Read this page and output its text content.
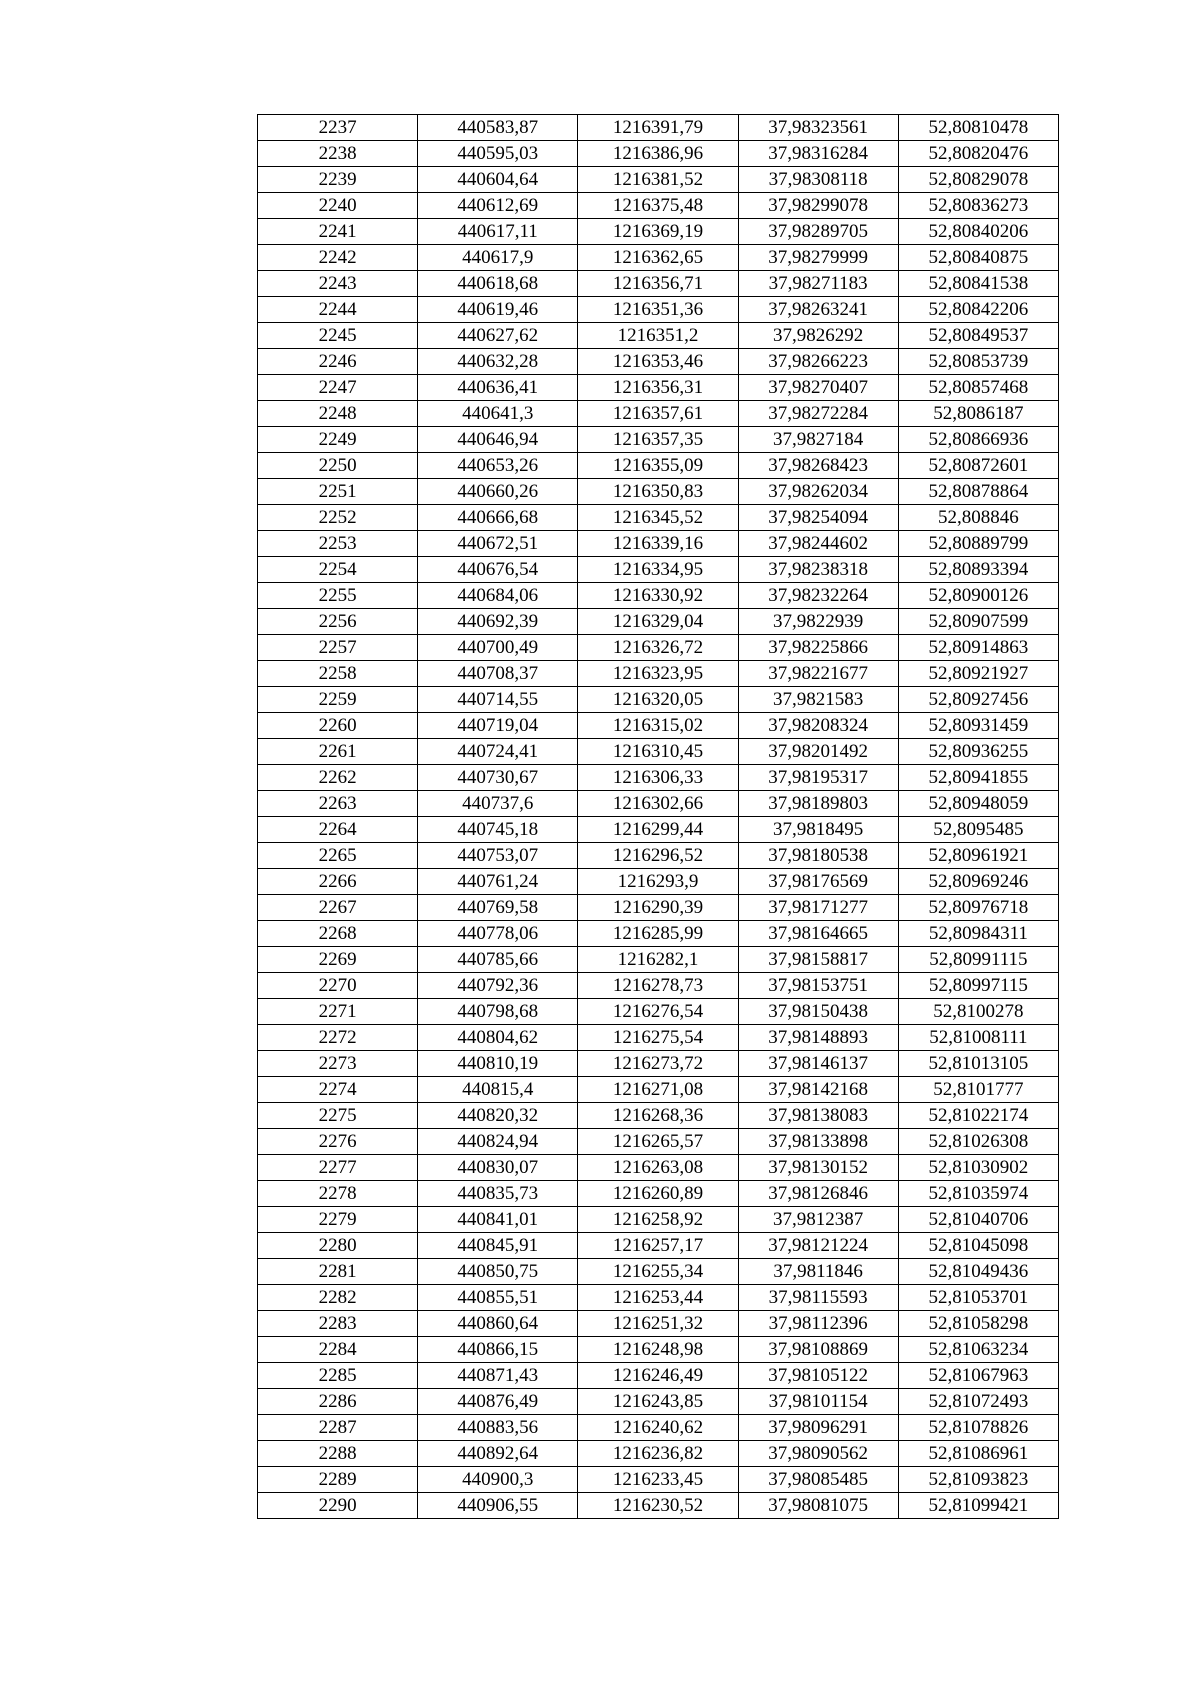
2237	440583,87	1216391,79	37,98323561	52,80810478
2238	440595,03	1216386,96	37,98316284	52,80820476
2239	440604,64	1216381,52	37,98308118	52,80829078
2240	440612,69	1216375,48	37,98299078	52,80836273
2241	440617,11	1216369,19	37,98289705	52,80840206
2242	440617,9	1216362,65	37,98279999	52,80840875
2243	440618,68	1216356,71	37,98271183	52,80841538
2244	440619,46	1216351,36	37,98263241	52,80842206
2245	440627,62	1216351,2	37,9826292	52,80849537
2246	440632,28	1216353,46	37,98266223	52,80853739
2247	440636,41	1216356,31	37,98270407	52,80857468
2248	440641,3	1216357,61	37,98272284	52,8086187
2249	440646,94	1216357,35	37,9827184	52,80866936
2250	440653,26	1216355,09	37,98268423	52,80872601
2251	440660,26	1216350,83	37,98262034	52,80878864
2252	440666,68	1216345,52	37,98254094	52,808846
2253	440672,51	1216339,16	37,98244602	52,80889799
2254	440676,54	1216334,95	37,98238318	52,80893394
2255	440684,06	1216330,92	37,98232264	52,80900126
2256	440692,39	1216329,04	37,9822939	52,80907599
2257	440700,49	1216326,72	37,98225866	52,80914863
2258	440708,37	1216323,95	37,98221677	52,80921927
2259	440714,55	1216320,05	37,9821583	52,80927456
2260	440719,04	1216315,02	37,98208324	52,80931459
2261	440724,41	1216310,45	37,98201492	52,80936255
2262	440730,67	1216306,33	37,98195317	52,80941855
2263	440737,6	1216302,66	37,98189803	52,80948059
2264	440745,18	1216299,44	37,9818495	52,8095485
2265	440753,07	1216296,52	37,98180538	52,80961921
2266	440761,24	1216293,9	37,98176569	52,80969246
2267	440769,58	1216290,39	37,98171277	52,80976718
2268	440778,06	1216285,99	37,98164665	52,80984311
2269	440785,66	1216282,1	37,98158817	52,80991115
2270	440792,36	1216278,73	37,98153751	52,80997115
2271	440798,68	1216276,54	37,98150438	52,8100278
2272	440804,62	1216275,54	37,98148893	52,81008111
2273	440810,19	1216273,72	37,98146137	52,81013105
2274	440815,4	1216271,08	37,98142168	52,8101777
2275	440820,32	1216268,36	37,98138083	52,81022174
2276	440824,94	1216265,57	37,98133898	52,81026308
2277	440830,07	1216263,08	37,98130152	52,81030902
2278	440835,73	1216260,89	37,98126846	52,81035974
2279	440841,01	1216258,92	37,9812387	52,81040706
2280	440845,91	1216257,17	37,98121224	52,81045098
2281	440850,75	1216255,34	37,9811846	52,81049436
2282	440855,51	1216253,44	37,98115593	52,81053701
2283	440860,64	1216251,32	37,98112396	52,81058298
2284	440866,15	1216248,98	37,98108869	52,81063234
2285	440871,43	1216246,49	37,98105122	52,81067963
2286	440876,49	1216243,85	37,98101154	52,81072493
2287	440883,56	1216240,62	37,98096291	52,81078826
2288	440892,64	1216236,82	37,98090562	52,81086961
2289	440900,3	1216233,45	37,98085485	52,81093823
2290	440906,55	1216230,52	37,98081075	52,81099421
